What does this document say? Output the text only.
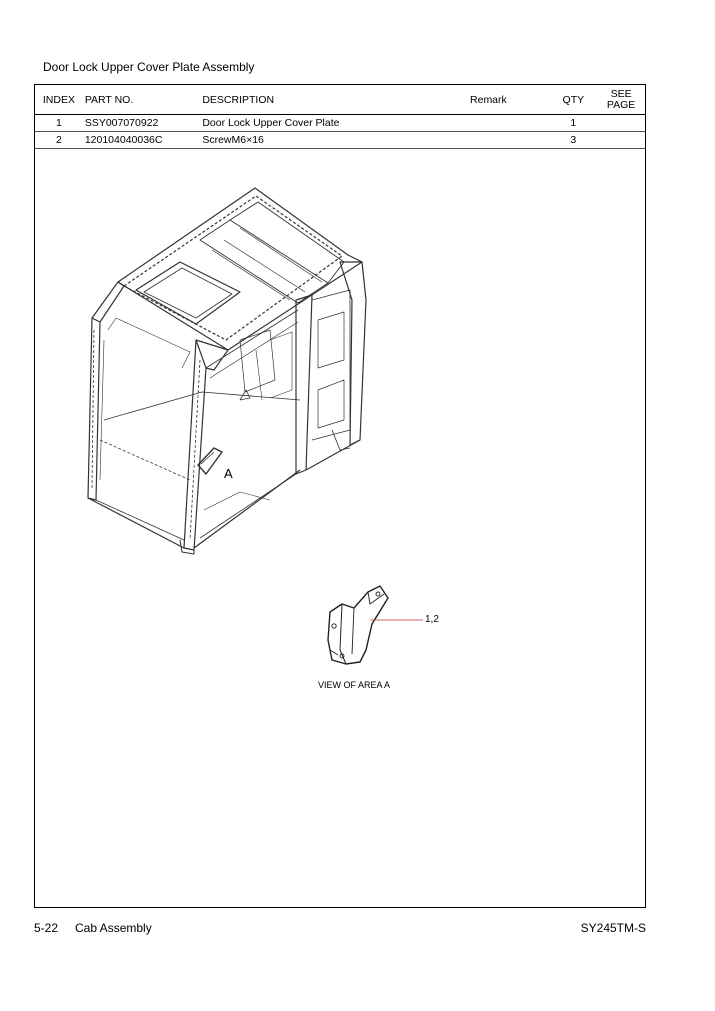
Door Lock Upper Cover Plate Assembly
INDEX	PART NO.	DESCRIPTION	Remark	QTY	SEE
PAGE
1	SSY007070922	Door Lock Upper Cover Plate		1	
2	120104040036C	ScrewM6×16		3	
A
1,2
VIEW OF AREA A
5-22 Cab Assembly	SY245TM-S
